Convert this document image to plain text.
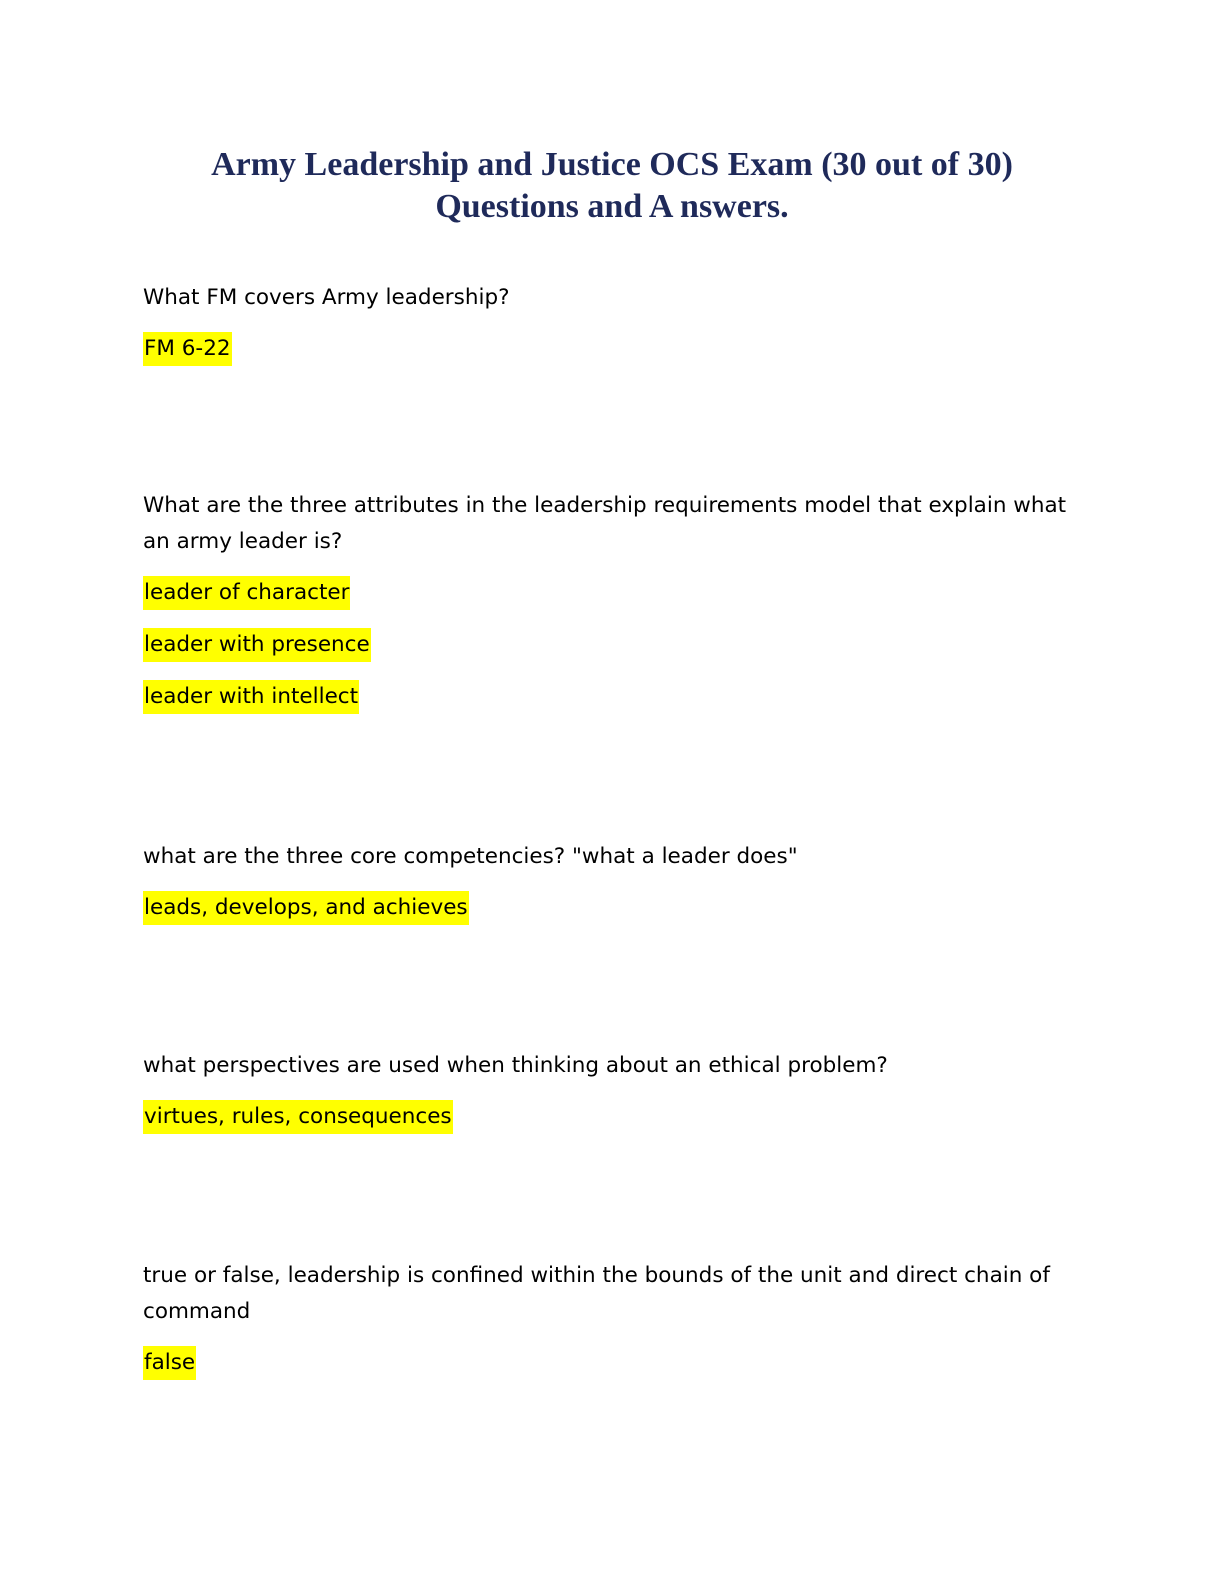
Army Leadership and Justice OCS Exam (30 out of 30)
Questions and A nswers.

What FM covers Army leadership?

FM 6-22

What are the three attributes in the leadership requirements model that explain what an army leader is?

leader of character
leader with presence
leader with intellect

what are the three core competencies? "what a leader does"

leads, develops, and achieves

what perspectives are used when thinking about an ethical problem?

virtues, rules, consequences

true or false, leadership is confined within the bounds of the unit and direct chain of command

false
